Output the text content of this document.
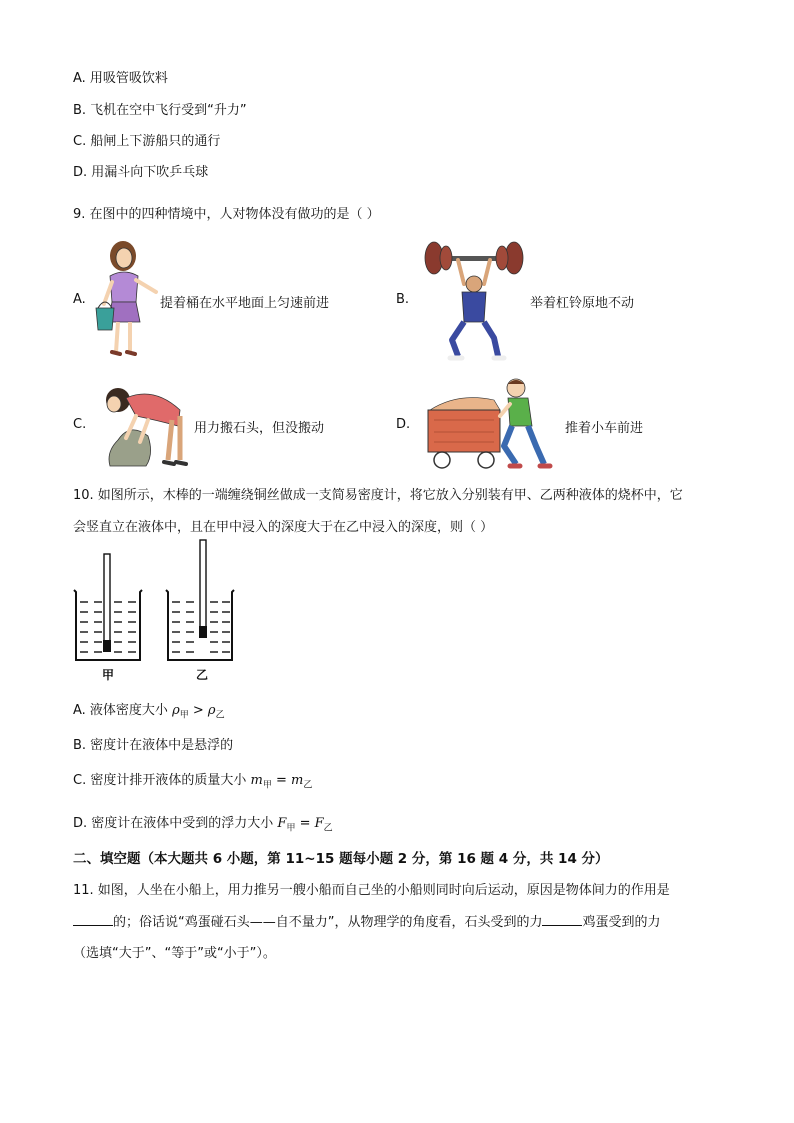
A. 用吸管吸饮料
B. 飞机在空中飞行受到“升力”
C. 船闸上下游船只的通行
D. 用漏斗向下吹乒乓球
9. 在图中的四种情境中，人对物体没有做功的是（ ）
A.	提着桶在水平地面上匀速前进	B.	举着杠铃原地不动
C.	用力搬石头，但没搬动	D.	推着小车前进
10. 如图所示，木棒的一端缠绕铜丝做成一支简易密度计，将它放入分别装有甲、乙两种液体的烧杯中，它
会竖直立在液体中，且在甲中浸入的深度大于在乙中浸入的深度，则（ ）
甲	乙
A. 液体密度大小 $\rho_甲 > \rho_乙$
B. 密度计在液体中是悬浮的
C. 密度计排开液体的质量大小 $m_甲 = m_乙$
D. 密度计在液体中受到的浮力大小 $F_甲 = F_乙$
二、填空题（本大题共 6 小题，第 11~15 题每小题 2 分，第 16 题 4 分，共 14 分）
11. 如图，人坐在小船上，用力推另一艘小船而自己坐的小船则同时向后运动，原因是物体间力的作用是
的；俗话说“鸡蛋碰石头——自不量力”，从物理学的角度看，石头受到的力	鸡蛋受到的力
（选填“大于”、“等于”或“小于”）。
